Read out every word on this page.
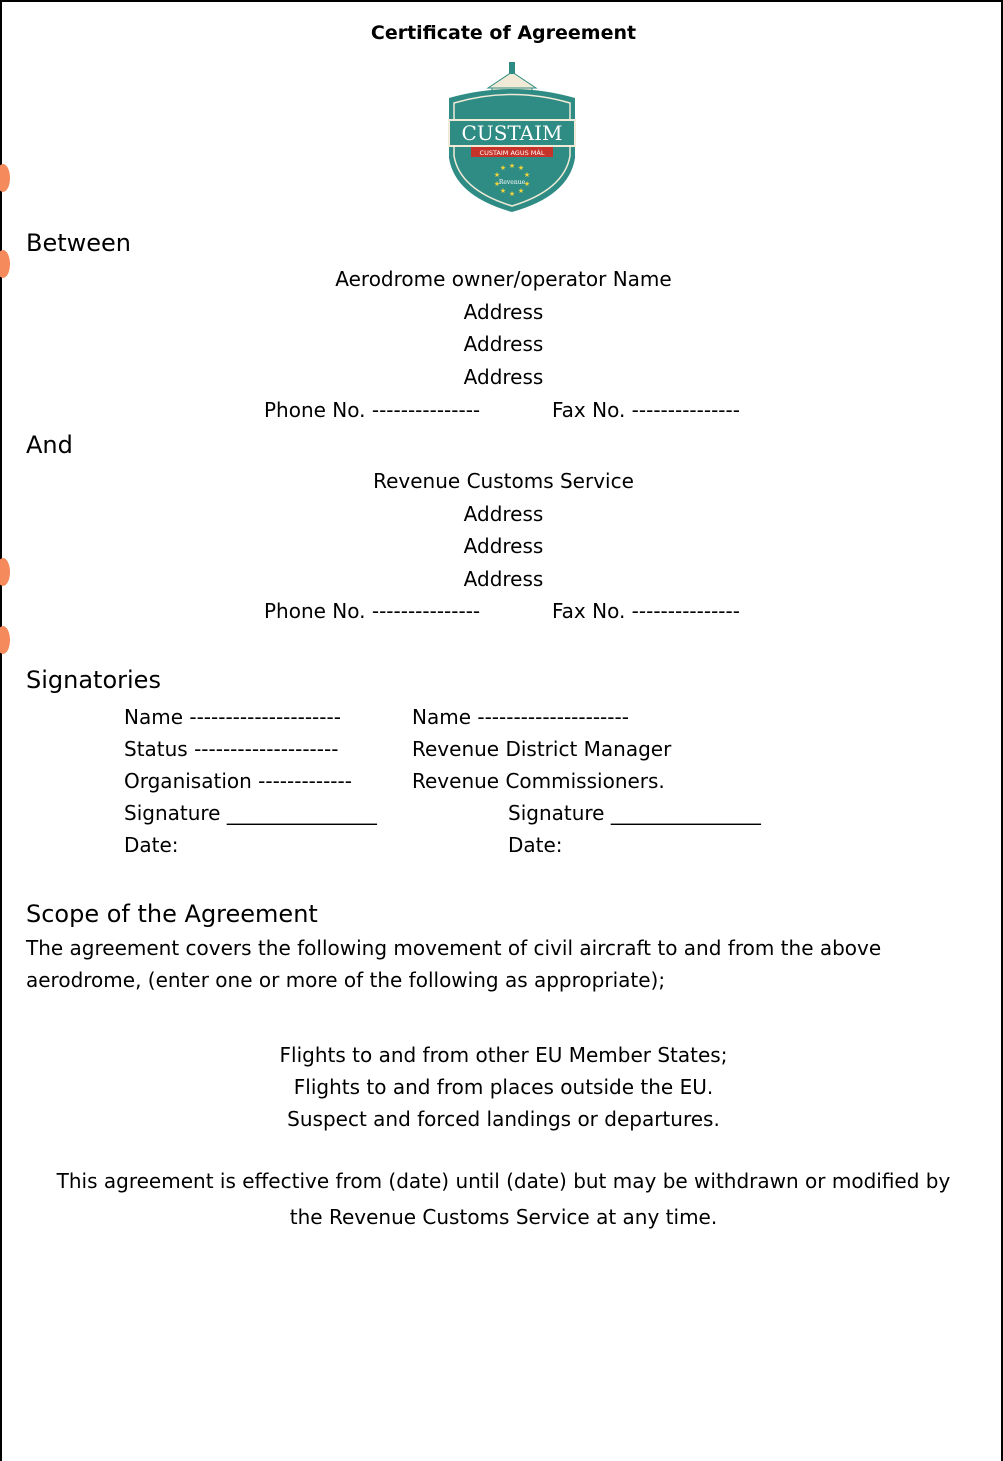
Certificate of Agreement
CUSTAIM
CUSTAIM AGUS MÁL
★
★ ★
★	★
★	★
★ ★
★
Revenue
Between
Aerodrome owner/operator Name
Address
Address
Address
Phone No. ---------------	Fax No. ---------------
And
Revenue Customs Service
Address
Address
Address
Phone No. ---------------	Fax No. ---------------
Signatories
Name ---------------------	Name ---------------------
Status --------------------	Revenue District Manager
Organisation -------------	Revenue Commissioners.
Signature _______________	Signature _______________
Date:	Date:
Scope of the Agreement
The agreement covers the following movement of civil aircraft to and from the above
aerodrome, (enter one or more of the following as appropriate);
Flights to and from other EU Member States;
Flights to and from places outside the EU.
Suspect and forced landings or departures.
This agreement is effective from (date) until (date) but may be withdrawn or modified by
the Revenue Customs Service at any time.
